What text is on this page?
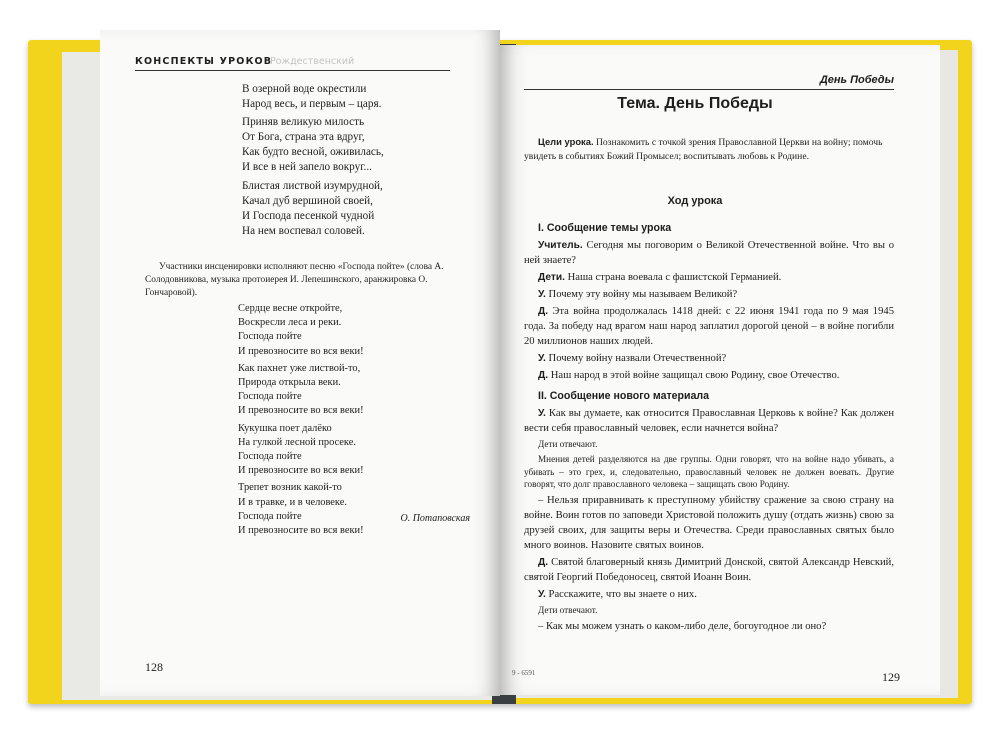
КОНСПЕКТЫ УРОКОВ
Рождественский
В озерной воде окрестили
Народ весь, и первым – царя.
Приняв великую милость
От Бога, страна эта вдруг,
Как будто весной, оживилась,
И все в ней запело вокруг...
Блистая листвой изумрудной,
Качал дуб вершиной своей,
И Господа песенкой чудной
На нем воспевал соловей.
Участники инсценировки исполняют песню «Господа пойте» (слова А. Солодовникова, музыка протоиерея И. Лепешинского, аранжировка О. Гончаровой).
Сердце весне откройте,
Воскресли леса и реки.
Господа пойте
И превозносите во вся веки!
Как пахнет уже листвой-то,
Природа открыла веки.
Господа пойте
И превозносите во вся веки!
Кукушка поет далёко
На гулкой лесной просеке.
Господа пойте
И превозносите во вся веки!
Трепет возник какой-то
И в травке, и в человеке.
Господа пойте
И превозносите во вся веки!
О. Потаповская
128
День Победы
Тема. День Победы
Цели урока. Познакомить с точкой зрения Православной Церкви на войну; помочь увидеть в событиях Божий Промысел; воспитывать любовь к Родине.
Ход урока

I. Сообщение темы урока

Учитель. Сегодня мы поговорим о Великой Отечественной войне. Что вы о ней знаете?

Дети. Наша страна воевала с фашистской Германией.

У. Почему эту войну мы называем Великой?

Д. Эта война продолжалась 1418 дней: с 22 июня 1941 года по 9 мая 1945 года. За победу над врагом наш народ заплатил дорогой ценой – в войне погибли 20 миллионов наших людей.

У. Почему войну назвали Отечественной?

Д. Наш народ в этой войне защищал свою Родину, свое Отечество.

II. Сообщение нового материала

У. Как вы думаете, как относится Православная Церковь к войне? Как должен вести себя православный человек, если начнется война?

Дети отвечают.

Мнения детей разделяются на две группы. Одни говорят, что на войне надо убивать, а убивать – это грех, и, следовательно, православный человек не должен воевать. Другие говорят, что долг православного человека – защищать свою Родину.

– Нельзя приравнивать к преступному убийству сражение за свою страну на войне. Воин готов по заповеди Христовой положить душу (отдать жизнь) свою за друзей своих, для защиты веры и Отечества. Среди православных святых было много воинов. Назовите святых воинов.

Д. Святой благоверный князь Димитрий Донской, святой Александр Невский, святой Георгий Победоносец, святой Иоанн Воин.

У. Расскажите, что вы знаете о них.

Дети отвечают.

– Как мы можем узнать о каком-либо деле, богоугодное ли оно?

9 - 6591	129
